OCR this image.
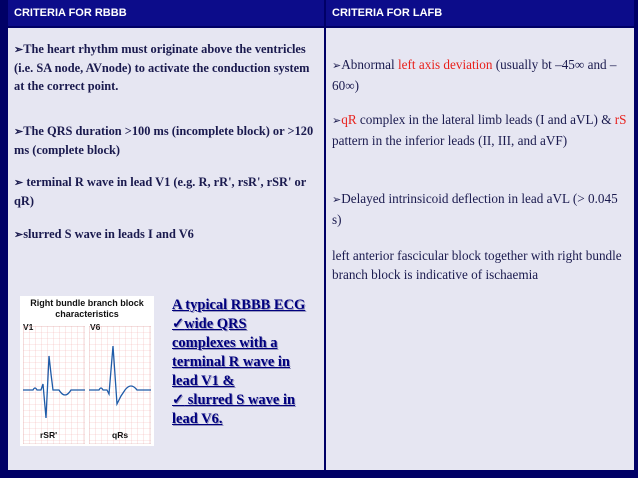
CRITERIA FOR RBBB	CRITERIA FOR LAFB
➢The heart rhythm must originate above the ventricles (i.e. SA node, AVnode) to activate the conduction system at the correct point.
➢The QRS duration >100 ms (incomplete block) or >120 ms (complete block)
➢ terminal R wave in lead V1 (e.g. R, rR', rsR', rSR' or qR)
➢slurred S wave in leads I and V6
Right bundle branch block characteristics
rSR'	qRs
A typical RBBB ECG
✓wide QRS complexes with a terminal R wave in lead V1 &
✓ slurred S wave in lead V6.
➢Abnormal left axis deviation (usually bt –45∞ and –60∞)
➢qR complex in the lateral limb leads (I and aVL) & rS pattern in the inferior leads (II, III, and aVF)
➢Delayed intrinsicoid deflection in lead aVL (> 0.045 s)
left anterior fascicular block together with right bundle branch block is indicative of ischaemia
